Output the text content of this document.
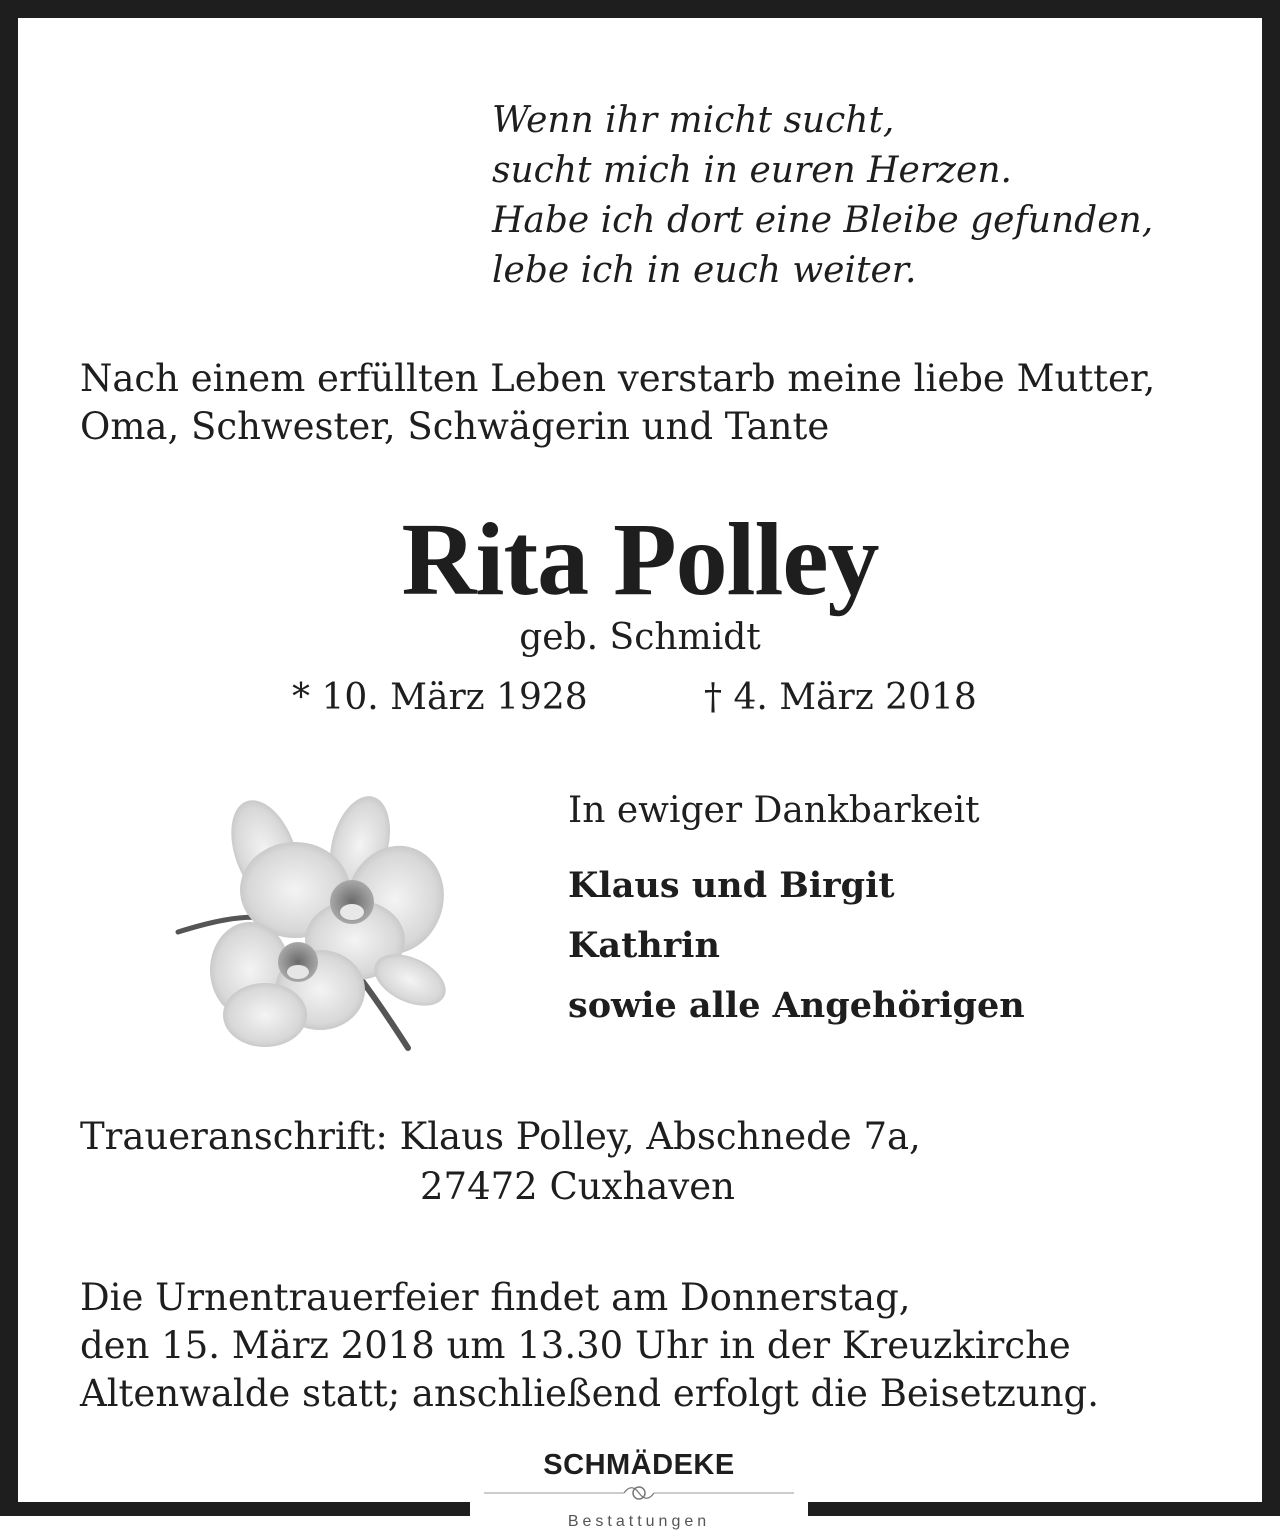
Wenn ihr micht sucht,
sucht mich in euren Herzen.
Habe ich dort eine Bleibe gefunden,
lebe ich in euch weiter.
Nach einem erfüllten Leben verstarb meine liebe Mutter,
Oma, Schwester, Schwägerin und Tante
Rita Polley
geb. Schmidt
* 10. März 1928	† 4. März 2018
In ewiger Dankbarkeit
Klaus und Birgit
Kathrin
sowie alle Angehörigen
Traueranschrift: Klaus Polley, Abschnede 7a,
27472 Cuxhaven
Die Urnentrauerfeier findet am Donnerstag,
den 15. März 2018 um 13.30 Uhr in der Kreuzkirche
Altenwalde statt; anschließend erfolgt die Beisetzung.
SCHMÄDEKE
Bestattungen
